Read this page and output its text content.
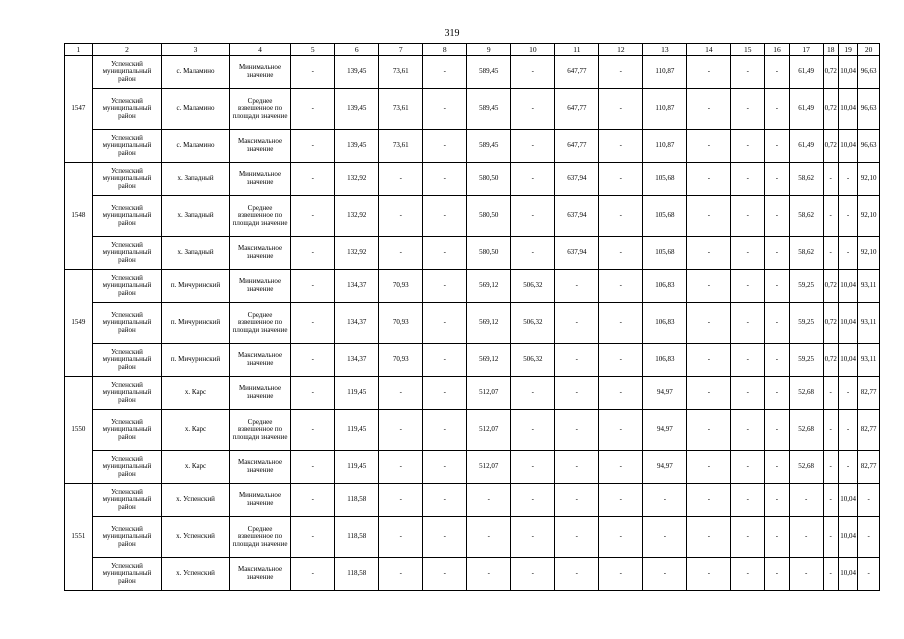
319
1	2	3	4	5	6	7	8	9	10	11	12	13	14	15	16	17	18	19	20
1547	Успенский муниципальный район	с. Маламино	Минимальное значение	-	139,45	73,61	-	589,45	-	647,77	-	110,87	-	-	-	61,49	0,72	10,04	96,63
	Успенский муниципальный район	с. Маламино	Среднее взвешенное по площади значение	-	139,45	73,61	-	589,45	-	647,77	-	110,87	-	-	-	61,49	0,72	10,04	96,63
	Успенский муниципальный район	с. Маламино	Максимальное значение	-	139,45	73,61	-	589,45	-	647,77	-	110,87	-	-	-	61,49	0,72	10,04	96,63
1548	Успенский муниципальный район	х. Западный	Минимальное значение	-	132,92	-	-	580,50	-	637,94	-	105,68	-	-	-	58,62	-	-	92,10
	Успенский муниципальный район	х. Западный	Среднее взвешенное по площади значение	-	132,92	-	-	580,50	-	637,94	-	105,68	-	-	-	58,62	-	-	92,10
	Успенский муниципальный район	х. Западный	Максимальное значение	-	132,92	-	-	580,50	-	637,94	-	105,68	-	-	-	58,62	-	-	92,10
1549	Успенский муниципальный район	п. Мичуринский	Минимальное значение	-	134,37	70,93	-	569,12	506,32	-	-	106,83	-	-	-	59,25	0,72	10,04	93,11
	Успенский муниципальный район	п. Мичуринский	Среднее взвешенное по площади значение	-	134,37	70,93	-	569,12	506,32	-	-	106,83	-	-	-	59,25	0,72	10,04	93,11
	Успенский муниципальный район	п. Мичуринский	Максимальное значение	-	134,37	70,93	-	569,12	506,32	-	-	106,83	-	-	-	59,25	0,72	10,04	93,11
1550	Успенский муниципальный район	х. Карс	Минимальное значение	-	119,45	-	-	512,07	-	-	-	94,97	-	-	-	52,68	-	-	82,77
	Успенский муниципальный район	х. Карс	Среднее взвешенное по площади значение	-	119,45	-	-	512,07	-	-	-	94,97	-	-	-	52,68	-	-	82,77
	Успенский муниципальный район	х. Карс	Максимальное значение	-	119,45	-	-	512,07	-	-	-	94,97	-	-	-	52,68	-	-	82,77
1551	Успенский муниципальный район	х. Успенский	Минимальное значение	-	118,58	-	-	-	-	-	-	-	-	-	-	-	-	10,04	-
	Успенский муниципальный район	х. Успенский	Среднее взвешенное по площади значение	-	118,58	-	-	-	-	-	-	-	-	-	-	-	-	10,04	-
	Успенский муниципальный район	х. Успенский	Максимальное значение	-	118,58	-	-	-	-	-	-	-	-	-	-	-	-	10,04	-
